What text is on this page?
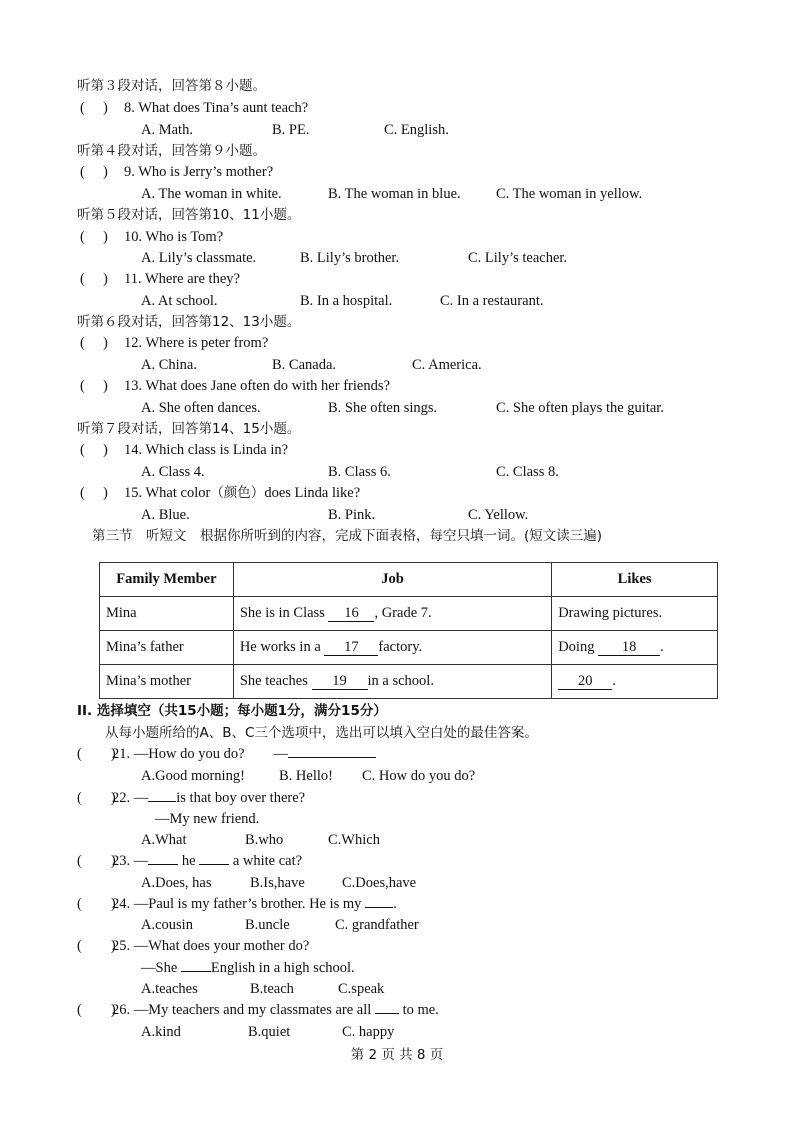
听第３段对话，回答第８小题。
(　 ) 8. What does Tina’s aunt teach?
A. Math.	B. PE.	C. English.
听第４段对话，回答第９小题。
(　 ) 9. Who is Jerry’s mother?
A. The woman in white.	B. The woman in blue. C. The woman in yellow.
听第５段对话，回答第10、11小题。
(　 ) 10. Who is Tom?
A. Lily’s classmate.	B. Lily’s brother.	C. Lily’s teacher.
(　 ) 11. Where are they?
A. At school.	B. In a hospital.	C. In a restaurant.
听第６段对话，回答第12、13小题。
(　 ) 12. Where is peter from?
A. China.	B. Canada.	C. America.
(　 ) 13. What does Jane often do with her friends?
A. She often dances.	B. She often sings.	C. She often plays the guitar.
听第７段对话，回答第14、15小题。
(　 ) 14. Which class is Linda in?
A. Class 4.	B. Class 6.	C. Class 8.
(　 ) 15. What color（颜色）does Linda like?
A. Blue.	B. Pink.	C. Yellow.
第三节　听短文　根据你所听到的内容，完成下面表格，每空只填一词。(短文读三遍)
Family Member	Job	Likes
Mina	She is in Class 16 , Grade 7.	Drawing pictures.
Mina’s father	He works in a 17 factory.	Doing 18 .
Mina’s mother	She teaches 19 in a school.	20 .
II. 选择填空（共15小题；每小题1分，满分15分）
从每小题所给的A、B、C三个选项中，选出可以填入空白处的最佳答案。
(　　)
21. —How do you do?　　—
A.Good morning! B. Hello! C. How do you do?
(　　)
22. — is that boy over there?
—My new friend.
A.What	B.who	C.Which
(　　)
23. — he  a white cat?
A.Does, has	B.Is,have	C.Does,have
(　　)
24. —Paul is my father’s brother. He is my .
A.cousin	B.uncle	C. grandfather
(　　)
25. —What does your mother do?
—She English in a high school.
A.teaches	B.teach	C.speak
(　　)
26. —My teachers and my classmates are all  to me.
A.kind	B.quiet	C. happy
第 2 页 共 8 页
